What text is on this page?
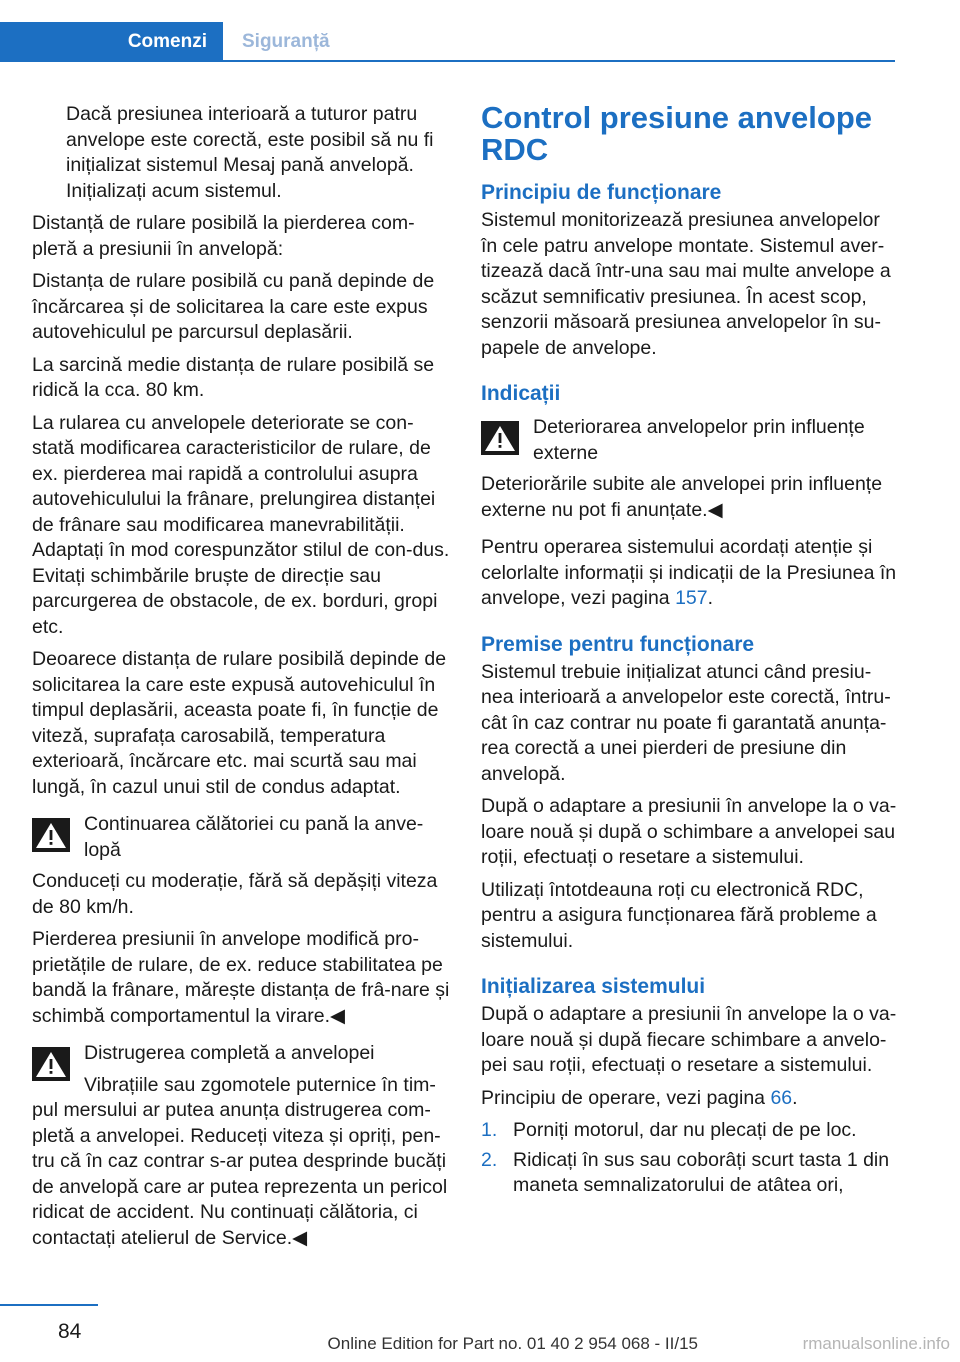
Comenzi	Siguranță

Dacă presiunea interioară a tuturor patru anvelope este corectă, este posibil să nu fi inițializat sistemul Mesaj pană anvelopă. Inițializați acum sistemul.

Distanță de rulare posibilă la pierderea com‐plетă a presiunii în anvelopă:

Distanța de rulare posibilă cu pană depinde de încărcarea și de solicitarea la care este expus autovehiculul pe parcursul deplasării.

La sarcină medie distanța de rulare posibilă se ridică la cca. 80 km.

La rularea cu anvelopele deteriorate se con‐stată modificarea caracteristicilor de rulare, de ex. pierderea mai rapidă a controlului asupra autovehiculului la frânare, prelungirea distanței de frânare sau modificarea manevrabilității. Adaptați în mod corespunzător stilul de con‐dus. Evitați schimbările bruște de direcție sau parcurgerea de obstacole, de ex. borduri, gropi etc.

Deoarece distanța de rulare posibilă depinde de solicitarea la care este expusă autovehiculul în timpul deplasării, aceasta poate fi, în funcție de viteză, suprafața carosabilă, temperatura exterioară, încărcare etc. mai scurtă sau mai lungă, în cazul unui stil de condus adaptat.

Continuarea călătoriei cu pană la anve‐lopă

Conduceți cu moderație, fără să depășiți viteza de 80 km/h.

Pierderea presiunii în anvelope modifică pro‐prietățile de rulare, de ex. reduce stabilitatea pe bandă la frânare, mărește distanța de frâ‐nare și schimbă comportamentul la virare.◀

Distrugerea completă a anvelopei
Vibrațiile sau zgomotele puternice în tim‐

pul mersului ar putea anunța distrugerea com‐pletă a anvelopei. Reduceți viteza și opriți, pen‐tru că în caz contrar s-ar putea desprinde bucăți de anvelopă care ar putea reprezenta un pericol ridicat de accident. Nu continuați călătoria, ci contactați atelierul de Service.◀

Control presiune anvelope RDC
Principiu de funcționare

Sistemul monitorizează presiunea anvelopelor în cele patru anvelope montate. Sistemul aver‐tizează dacă într-una sau mai multe anvelope a scăzut semnificativ presiunea. În acest scop, senzorii măsoară presiunea anvelopelor în su‐papele de anvelope.

Indicații
Deteriorarea anvelopelor prin influențe externe

Deteriorările subite ale anvelopei prin influențe externe nu pot fi anunțate.◀

Pentru operarea sistemului acordați atenție și celorlalte informații și indicații de la Presiunea în anvelope, vezi pagina 157.

Premise pentru funcționare

Sistemul trebuie inițializat atunci când presiu‐nea interioară a anvelopelor este corectă, întru‐cât în caz contrar nu poate fi garantată anunța‐rea corectă a unei pierderi de presiune din anvelopă.

După o adaptare a presiunii în anvelope la o va‐loare nouă și după o schimbare a anvelopei sau roții, efectuați o resetare a sistemului.

Utilizați întotdeauna roți cu electronică RDC, pentru a asigura funcționarea fără probleme a sistemului.

Inițializarea sistemului

După o adaptare a presiunii în anvelope la o va‐loare nouă și după fiecare schimbare a anvelo‐pei sau roții, efectuați o resetare a sistemului.

Principiu de operare, vezi pagina 66.

1. Porniți motorul, dar nu plecați de pe loc.
2. Ridicați în sus sau coborâți scurt tasta 1 din maneta semnalizatorului de atâtea ori,
84
Online Edition for Part no. 01 40 2 954 068 - II/15	rmanualsonline.info
